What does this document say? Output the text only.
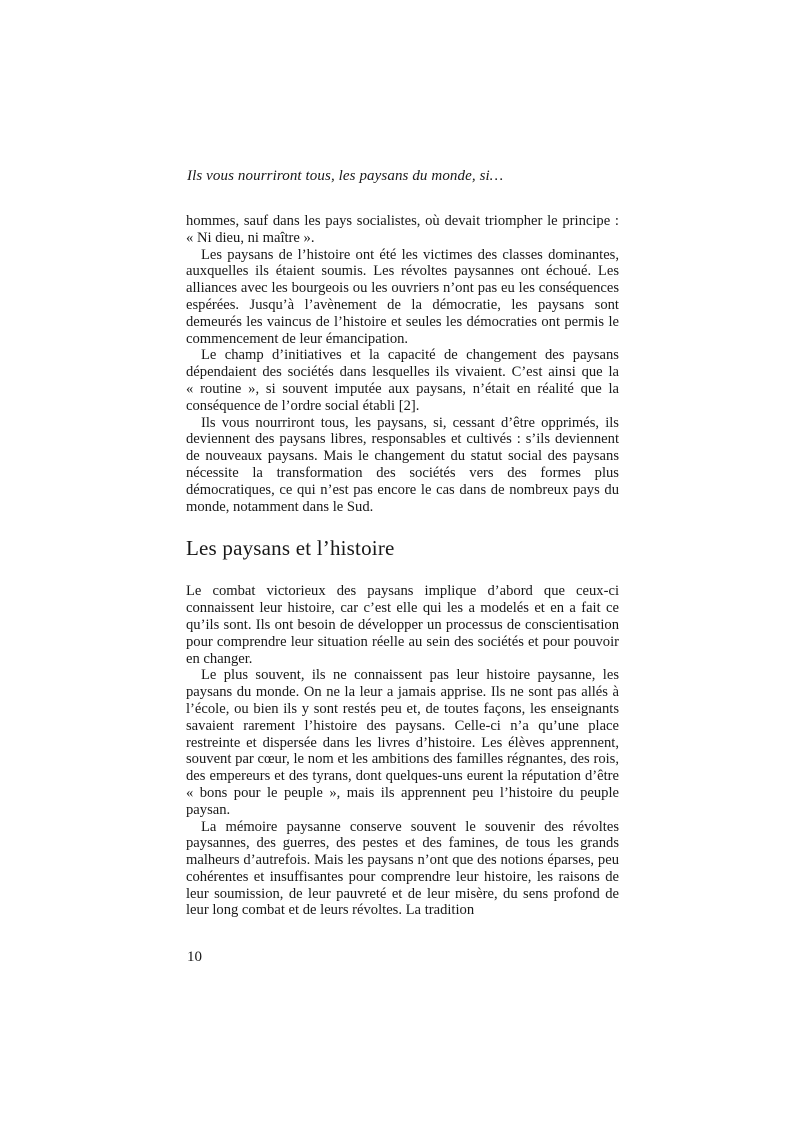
Ils vous nourriront tous, les paysans du monde, si…

hommes, sauf dans les pays socialistes, où devait triompher le principe : « Ni dieu, ni maître ».

Les paysans de l’histoire ont été les victimes des classes dominantes, auxquelles ils étaient soumis. Les révoltes paysannes ont échoué. Les alliances avec les bourgeois ou les ouvriers n’ont pas eu les conséquences espérées. Jusqu’à l’avènement de la démocratie, les paysans sont demeurés les vaincus de l’histoire et seules les démocraties ont permis le commencement de leur émancipation.

Le champ d’initiatives et la capacité de changement des paysans dépendaient des sociétés dans lesquelles ils vivaient. C’est ainsi que la « routine », si souvent imputée aux paysans, n’était en réalité que la conséquence de l’ordre social établi [2].

Ils vous nourriront tous, les paysans, si, cessant d’être opprimés, ils deviennent des paysans libres, responsables et cultivés : s’ils deviennent de nouveaux paysans. Mais le changement du statut social des paysans nécessite la transformation des sociétés vers des formes plus démocratiques, ce qui n’est pas encore le cas dans de nombreux pays du monde, notamment dans le Sud.

Les paysans et l’histoire

Le combat victorieux des paysans implique d’abord que ceux-ci connaissent leur histoire, car c’est elle qui les a modelés et en a fait ce qu’ils sont. Ils ont besoin de développer un processus de conscientisation pour comprendre leur situation réelle au sein des sociétés et pour pouvoir en changer.

Le plus souvent, ils ne connaissent pas leur histoire paysanne, les paysans du monde. On ne la leur a jamais apprise. Ils ne sont pas allés à l’école, ou bien ils y sont restés peu et, de toutes façons, les enseignants savaient rarement l’histoire des paysans. Celle-ci n’a qu’une place restreinte et dispersée dans les livres d’histoire. Les élèves apprennent, souvent par cœur, le nom et les ambitions des familles régnantes, des rois, des empereurs et des tyrans, dont quelques-uns eurent la réputation d’être « bons pour le peuple », mais ils apprennent peu l’histoire du peuple paysan.

La mémoire paysanne conserve souvent le souvenir des révoltes paysannes, des guerres, des pestes et des famines, de tous les grands malheurs d’autrefois. Mais les paysans n’ont que des notions éparses, peu cohérentes et insuffisantes pour comprendre leur histoire, les raisons de leur soumission, de leur pauvreté et de leur misère, du sens profond de leur long combat et de leurs révoltes. La tradition

10
